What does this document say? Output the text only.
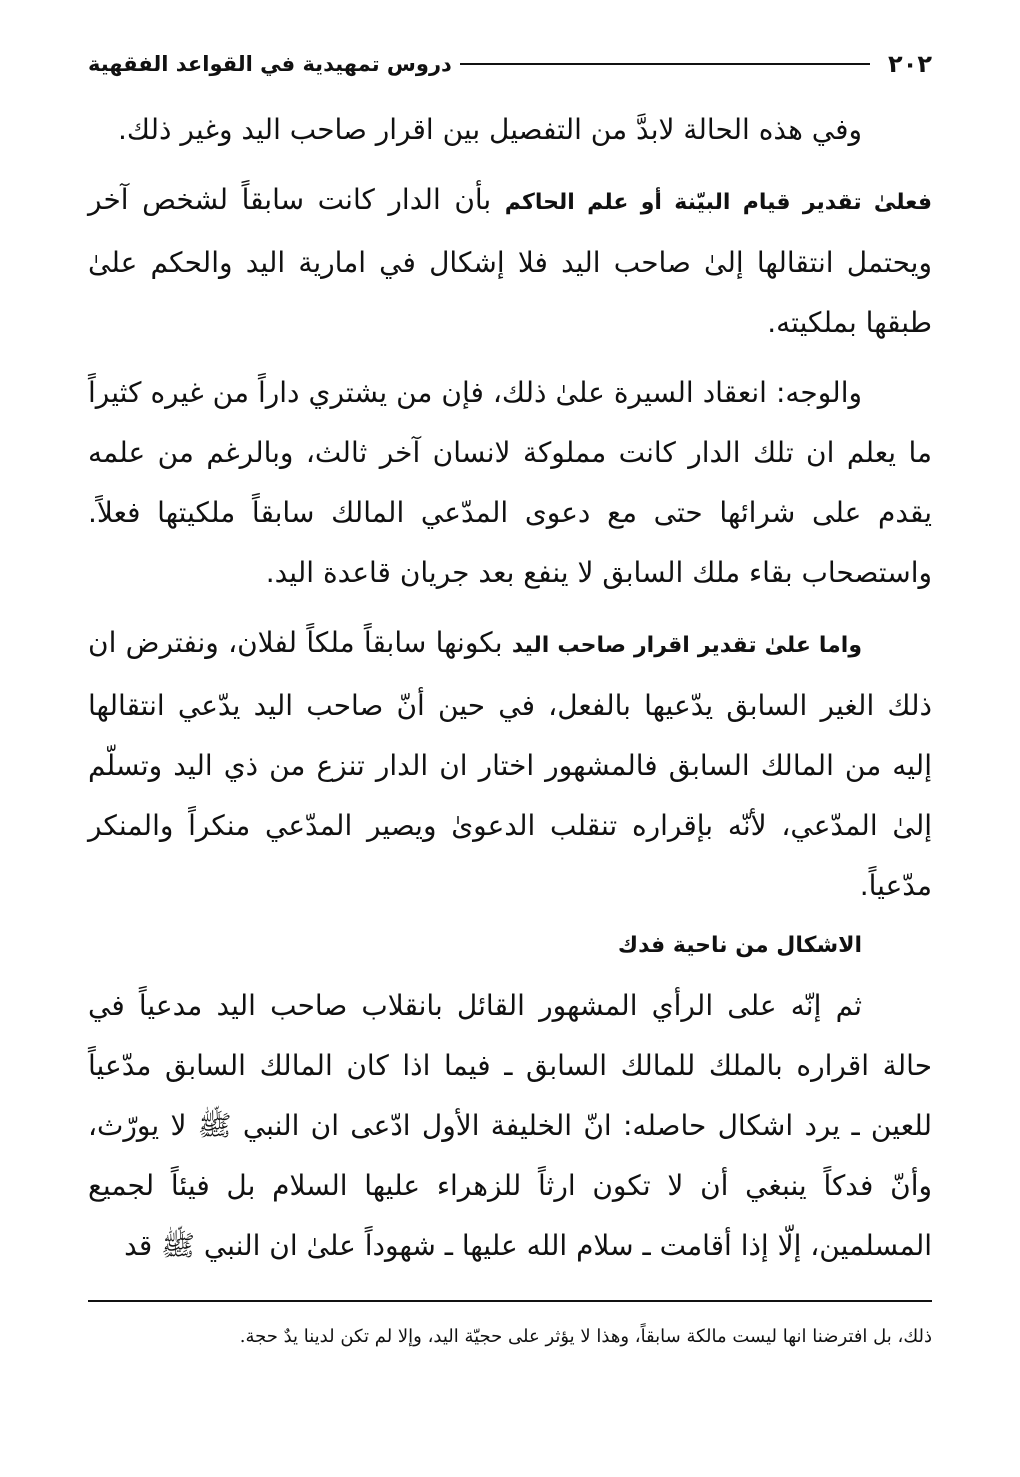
٢٠٢
دروس تمهيدية في القواعد الفقهية

وفي هذه الحالة لابدَّ من التفصيل بين اقرار صاحب اليد وغير ذلك.

فعلىٰ تقدير قيام البيّنة أو علم الحاكم بأن الدار كانت سابقاً لشخص آخر ويحتمل انتقالها إلىٰ صاحب اليد فلا إشكال في امارية اليد والحكم علىٰ طبقها بملكيته.

والوجه: انعقاد السيرة علىٰ ذلك، فإن من يشتري داراً من غيره كثيراً ما يعلم ان تلك الدار كانت مملوكة لانسان آخر ثالث، وبالرغم من علمه يقدم على شرائها حتى مع دعوى المدّعي المالك سابقاً ملكيتها فعلاً. واستصحاب بقاء ملك السابق لا ينفع بعد جريان قاعدة اليد.

واما علىٰ تقدير اقرار صاحب اليد بكونها سابقاً ملكاً لفلان، ونفترض ان ذلك الغير السابق يدّعيها بالفعل، في حين أنّ صاحب اليد يدّعي انتقالها إليه من المالك السابق فالمشهور اختار ان الدار تنزع من ذي اليد وتسلّم إلىٰ المدّعي، لأنّه بإقراره تنقلب الدعوىٰ ويصير المدّعي منكراً والمنكر مدّعياً.

الاشكال من ناحية فدك

ثم إنّه على الرأي المشهور القائل بانقلاب صاحب اليد مدعياً في حالة اقراره بالملك للمالك السابق ـ فيما اذا كان المالك السابق مدّعياً للعين ـ يرد اشكال حاصله: انّ الخليفة الأول ادّعى ان النبي ﷺ لا يورّث، وأنّ فدكاً ينبغي أن لا تكون ارثاً للزهراء عليها السلام بل فيئاً لجميع المسلمين، إلّا إذا أقامت ـ سلام الله عليها ـ شهوداً علىٰ ان النبي ﷺ قد

ذلك، بل افترضنا انها ليست مالكة سابقاً، وهذا لا يؤثر على حجيّة اليد، وإلا لم تكن لدينا يدٌ حجة.
